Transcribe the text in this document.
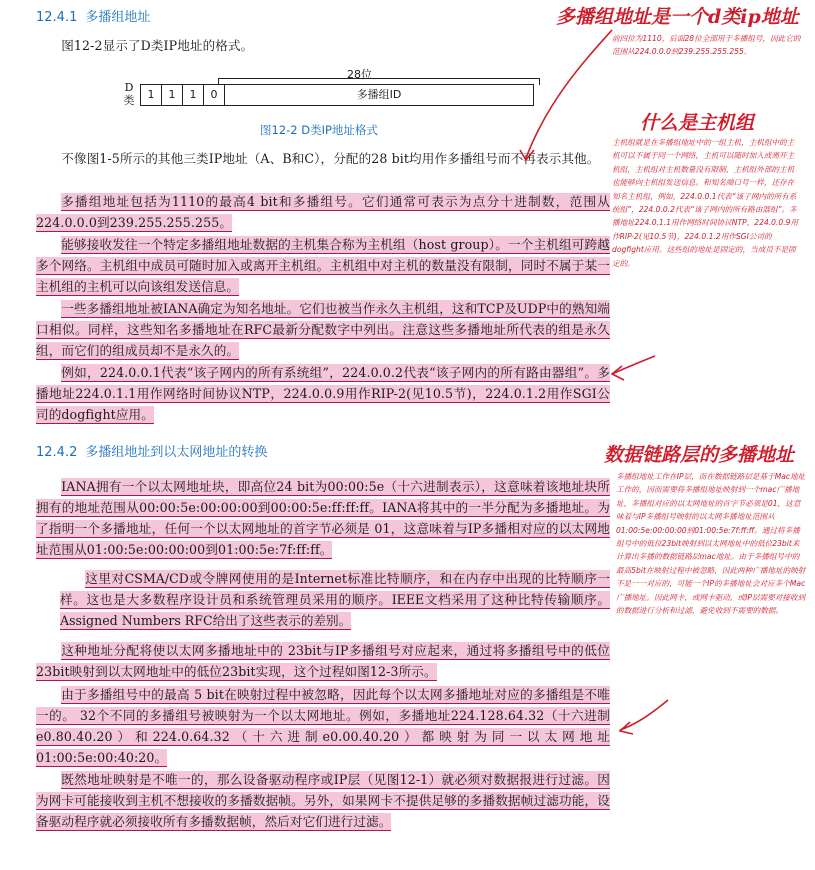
12.4.1 多播组地址
图12-2显示了D类IP地址的格式。
28位
D
类	1	1	1	0	多播组ID
图12-2 D类IP地址格式
不像图1-5所示的其他三类IP地址（A、B和C），分配的28 bit均用作多播组号而不再表示其他。
多播组地址包括为1110的最高4 bit和多播组号。它们通常可表示为点分十进制数，范围从224.0.0.0到239.255.255.255。
能够接收发往一个特定多播组地址数据的主机集合称为主机组（host group）。一个主机组可跨越多个网络。主机组中成员可随时加入或离开主机组。主机组中对主机的数量没有限制，同时不属于某一主机组的主机可以向该组发送信息。
一些多播组地址被IANA确定为知名地址。它们也被当作永久主机组，这和TCP及UDP中的熟知端口相似。同样，这些知名多播地址在RFC最新分配数字中列出。注意这些多播地址所代表的组是永久组，而它们的组成员却不是永久的。
例如，224.0.0.1代表“该子网内的所有系统组”，224.0.0.2代表“该子网内的所有路由器组”。多播地址224.0.1.1用作网络时间协议NTP，224.0.0.9用作RIP-2(见10.5节)，224.0.1.2用作SGI公司的dogfight应用。
12.4.2 多播组地址到以太网地址的转换
IANA拥有一个以太网地址块，即高位24 bit为00:00:5e（十六进制表示），这意味着该地址块所拥有的地址范围从00:00:5e:00:00:00到00:00:5e:ff:ff:ff。IANA将其中的一半分配为多播地址。为了指明一个多播地址，任何一个以太网地址的首字节必须是 01，这意味着与IP多播相对应的以太网地址范围从01:00:5e:00:00:00到01:00:5e:7f:ff:ff。
这里对CSMA/CD或令牌网使用的是Internet标准比特顺序，和在内存中出现的比特顺序一样。这也是大多数程序设计员和系统管理员采用的顺序。IEEE文档采用了这种比特传输顺序。Assigned Numbers RFC给出了这些表示的差别。
这种地址分配将使以太网多播地址中的 23bit与IP多播组号对应起来，通过将多播组号中的低位23bit映射到以太网地址中的低位23bit实现，这个过程如图12-3所示。
由于多播组号中的最高 5 bit在映射过程中被忽略，因此每个以太网多播地址对应的多播组是不唯一的。 32个不同的多播组号被映射为一个以太网地址。例如，多播地址224.128.64.32（十六进制e0.80.40.20）和224.0.64.32（十六进制e0.00.40.20）都映射为同一以太网地址01:00:5e:00:40:20。
既然地址映射是不唯一的，那么设备驱动程序或IP层（见图12-1）就必须对数据报进行过滤。因为网卡可能接收到主机不想接收的多播数据帧。另外，如果网卡不提供足够的多播数据帧过滤功能，设备驱动程序就必须接收所有多播数据帧，然后对它们进行过滤。
多播组地址是一个d类ip地址
前四位为1110，后面28位全部用于多播组号，因此它的范围从224.0.0.0到239.255.255.255。
什么是主机组
主机组就是在多播组地址中的一组主机，主机组中的主机可以不属于同一个网络，主机可以随时加入或离开主机组，主机组对主机数量没有限制，主机组外部的主机也能够向主机组发送信息。和知名端口号一样，还存在知名主机组，例如，224.0.0.1代表“该子网内的所有系统组”，224.0.0.2代表“该子网内的所有路由器组”。多播地址224.0.1.1用作网络时间协议NTP，224.0.0.9用作RIP-2(见10.5节)，224.0.1.2用作SGI公司的dogfight应用。这些组的地址是固定的，当成员不是固定的。
数据链路层的多播地址
多播组地址工作在IP层，而在数据链路层是基于Mac地址工作的，因而需要将多播组地址映射到一个mac广播地址，多播组对应的以太网地址的首字节必须是01，这意味着与IP多播组号映射的以太网多播地址范围从01:00:5e:00:00:00到01:00:5e:7f:ff:ff。通过将多播组号中的低位23bit映射到以太网地址中的低位23bit来计算出多播的数据链路层mac地址。由于多播组号中的最高5bit在映射过程中被忽略，因此两种广播地址的映射不是一一对应的，可能一个IP的多播地址会对应多个Mac广播地址。因此网卡，或网卡驱动，或IP层需要对接收到的数据进行分析和过滤，避免收到不需要的数据。
